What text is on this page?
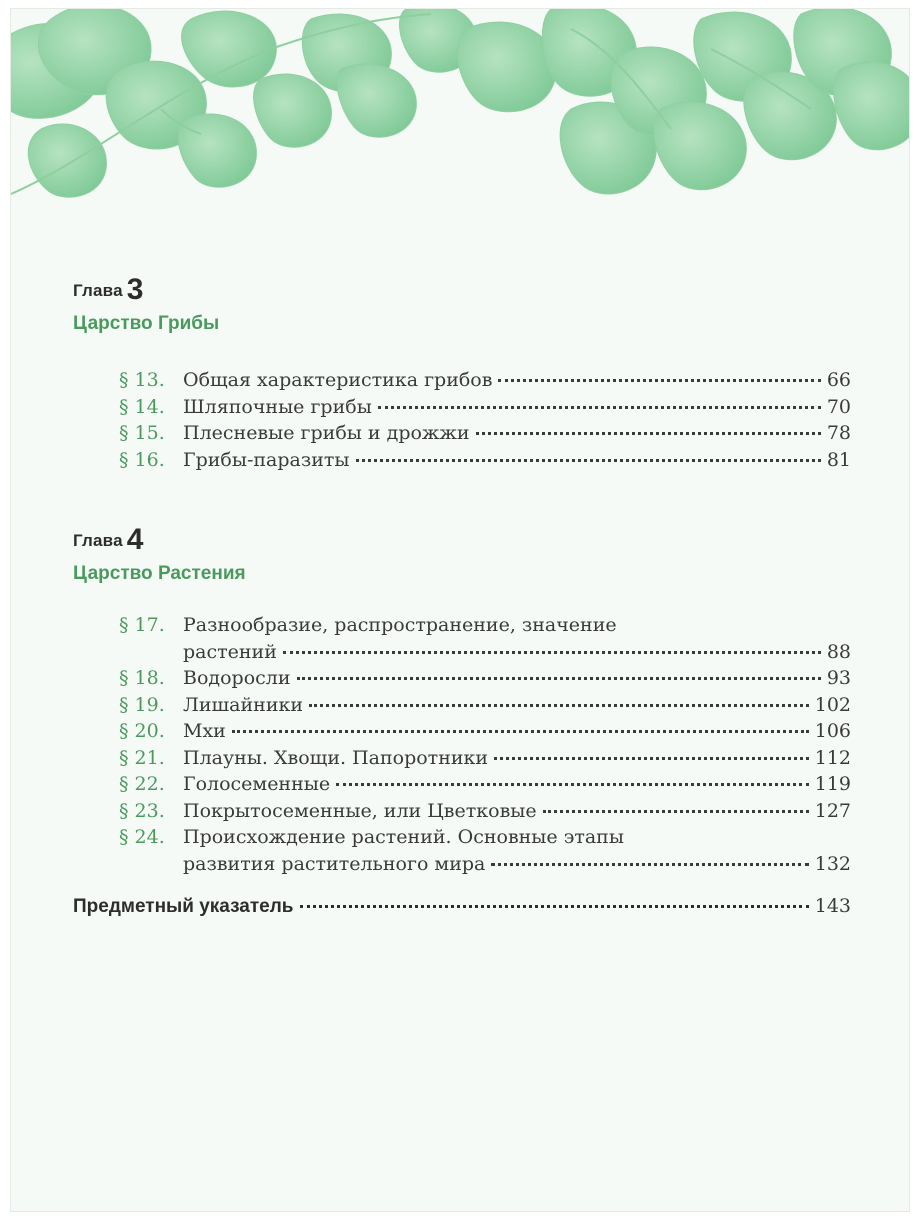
Глава 3
Царство Грибы
§ 13. Общая характеристика грибов	66
§ 14. Шляпочные грибы	70
§ 15. Плесневые грибы и дрожжи	78
§ 16. Грибы-паразиты	81
Глава 4
Царство Растения
§ 17. Разнообразие, распространение, значение
растений	88
§ 18. Водоросли	93
§ 19. Лишайники	102
§ 20. Мхи	106
§ 21. Плауны. Хвощи. Папоротники	112
§ 22. Голосеменные	119
§ 23. Покрытосеменные, или Цветковые	127
§ 24. Происхождение растений. Основные этапы
развития растительного мира	132
Предметный указатель	143
